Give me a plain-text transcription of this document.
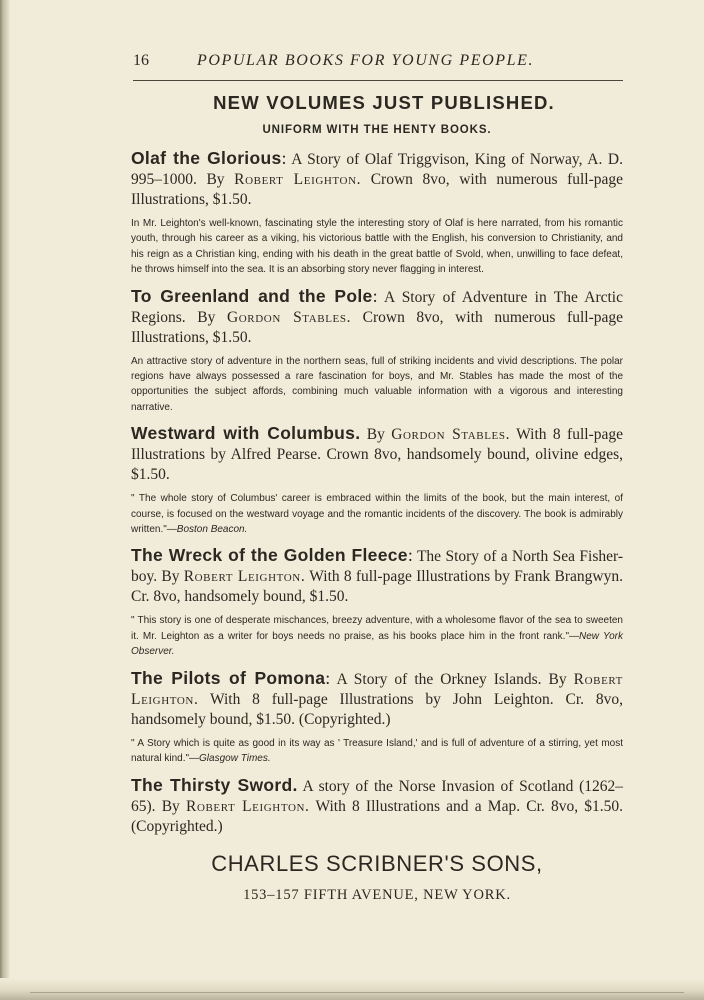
16	POPULAR BOOKS FOR YOUNG PEOPLE.
NEW VOLUMES JUST PUBLISHED.
UNIFORM WITH THE HENTY BOOKS.

Olaf the Glorious: A Story of Olaf Triggvison, King of Norway, A. D. 995–1000. By Robert Leighton. Crown 8vo, with numerous full-page Illustrations, $1.50.

In Mr. Leighton's well-known, fascinating style the interesting story of Olaf is here narrated, from his romantic youth, through his career as a viking, his victorious battle with the English, his conversion to Christianity, and his reign as a Christian king, ending with his death in the great battle of Svold, when, unwilling to face defeat, he throws himself into the sea. It is an absorbing story never flagging in interest.

To Greenland and the Pole: A Story of Adventure in The Arctic Regions. By Gordon Stables. Crown 8vo, with numerous full-page Illustrations, $1.50.

An attractive story of adventure in the northern seas, full of striking incidents and vivid descriptions. The polar regions have always possessed a rare fascination for boys, and Mr. Stables has made the most of the opportunities the subject affords, combining much valuable information with a vigorous and interesting narrative.

Westward with Columbus. By Gordon Stables. With 8 full-page Illustrations by Alfred Pearse. Crown 8vo, handsomely bound, olivine edges, $1.50.

" The whole story of Columbus' career is embraced within the limits of the book, but the main interest, of course, is focused on the westward voyage and the romantic incidents of the discovery. The book is admirably written."—Boston Beacon.

The Wreck of the Golden Fleece: The Story of a North Sea Fisher-boy. By Robert Leighton. With 8 full-page Illustrations by Frank Brangwyn. Cr. 8vo, handsomely bound, $1.50.

" This story is one of desperate mischances, breezy adventure, with a wholesome flavor of the sea to sweeten it. Mr. Leighton as a writer for boys needs no praise, as his books place him in the front rank."—New York Observer.

The Pilots of Pomona: A Story of the Orkney Islands. By Robert Leighton. With 8 full-page Illustrations by John Leighton. Cr. 8vo, handsomely bound, $1.50. (Copyrighted.)

" A Story which is quite as good in its way as ' Treasure Island,' and is full of adventure of a stirring, yet most natural kind."—Glasgow Times.

The Thirsty Sword. A story of the Norse Invasion of Scotland (1262–65). By Robert Leighton. With 8 Illustrations and a Map. Cr. 8vo, $1.50. (Copyrighted.)

CHARLES SCRIBNER'S SONS,
153–157 FIFTH AVENUE, NEW YORK.
